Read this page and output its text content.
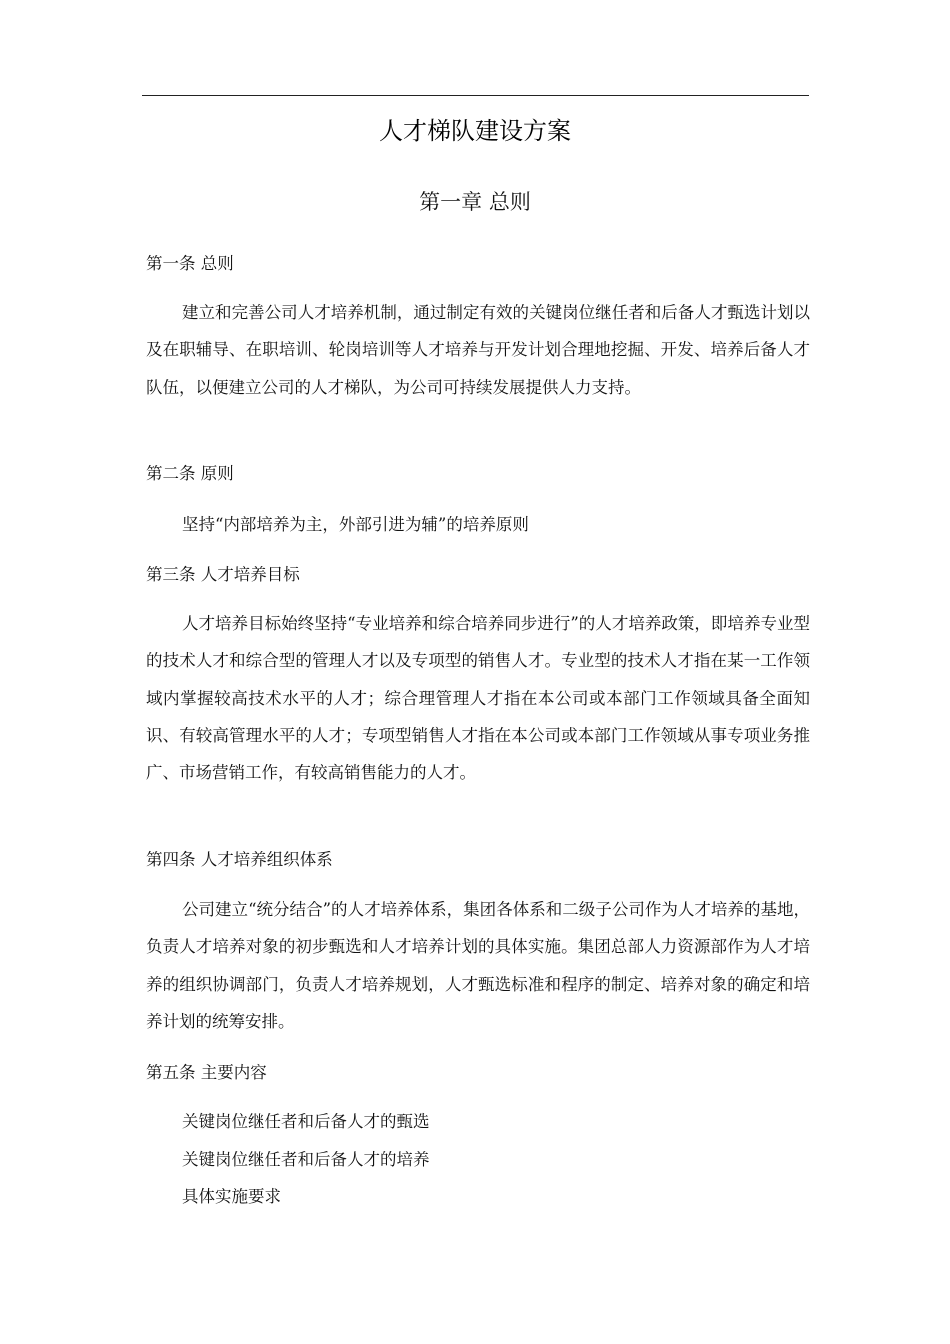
人才梯队建设方案
第一章 总则
第一条 总则
建立和完善公司人才培养机制，通过制定有效的关键岗位继任者和后备人才甄选计划以及在职辅导、在职培训、轮岗培训等人才培养与开发计划合理地挖掘、开发、培养后备人才队伍，以便建立公司的人才梯队，为公司可持续发展提供人力支持。
第二条 原则
坚持“内部培养为主，外部引进为辅”的培养原则
第三条 人才培养目标
人才培养目标始终坚持“专业培养和综合培养同步进行”的人才培养政策，即培养专业型的技术人才和综合型的管理人才以及专项型的销售人才。专业型的技术人才指在某一工作领域内掌握较高技术水平的人才；综合理管理人才指在本公司或本部门工作领域具备全面知识、有较高管理水平的人才；专项型销售人才指在本公司或本部门工作领域从事专项业务推广、市场营销工作，有较高销售能力的人才。
第四条 人才培养组织体系
公司建立“统分结合”的人才培养体系，集团各体系和二级子公司作为人才培养的基地，负责人才培养对象的初步甄选和人才培养计划的具体实施。集团总部人力资源部作为人才培养的组织协调部门，负责人才培养规划，人才甄选标准和程序的制定、培养对象的确定和培养计划的统筹安排。
第五条 主要内容
关键岗位继任者和后备人才的甄选
关键岗位继任者和后备人才的培养
具体实施要求
